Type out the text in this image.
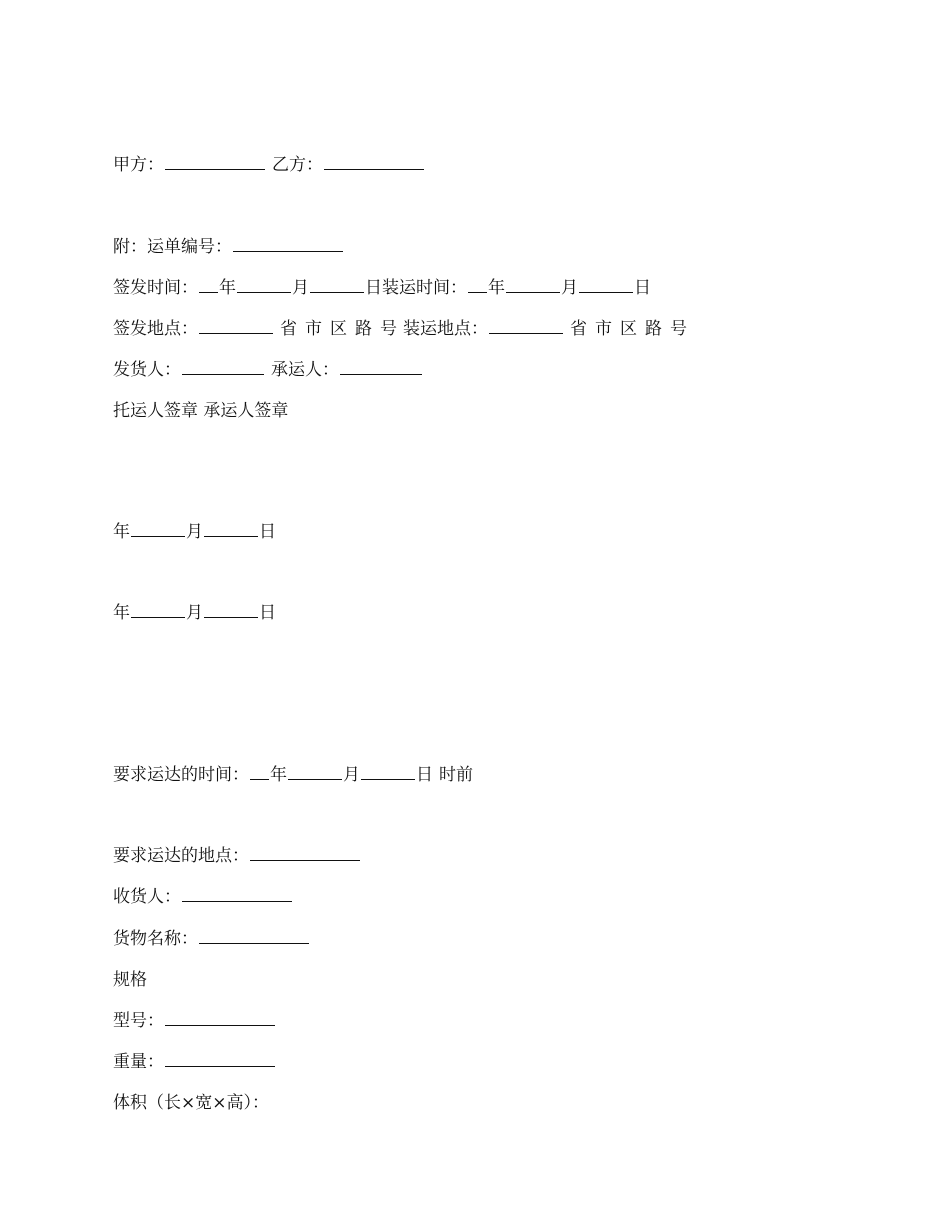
甲方：	乙方：
附：运单编号：
签发时间： 年	月	日装运时间： 年	月	日
签发地点：	省 市 区 路 号 装运地点：	省 市 区 路 号
发货人：	承运人：
托运人签章 承运人签章
年	月	日
年	月	日
要求运达的时间： 年	月	日 时前
要求运达的地点：
收货人：
货物名称：
规格
型号：
重量：
体积（长×宽×高）：
